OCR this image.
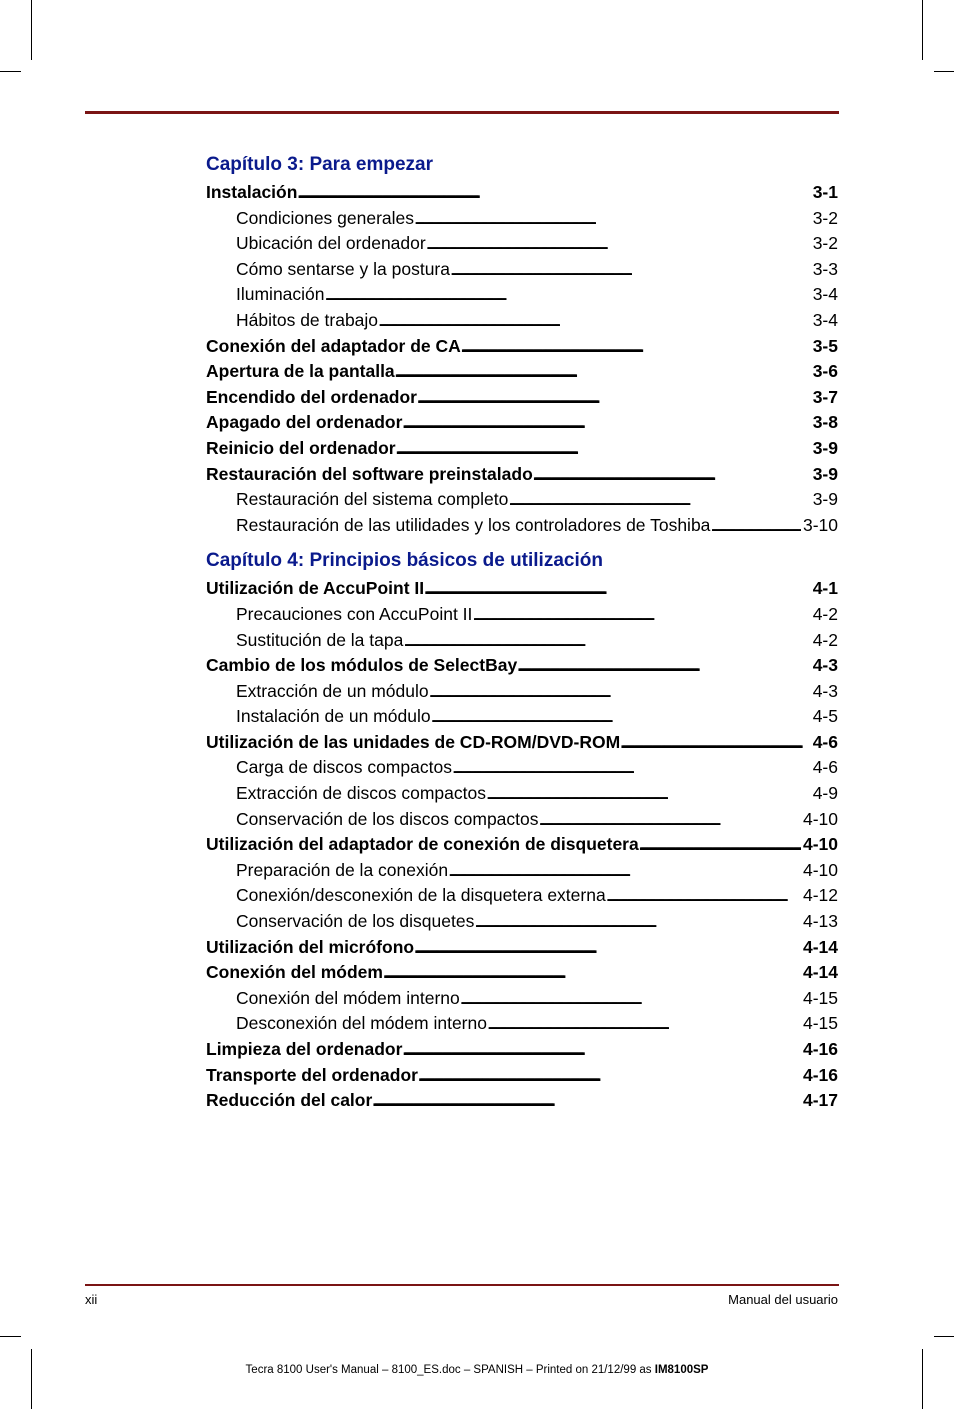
Capítulo 3: Para empezar
Instalación . . .	3-1
Condiciones generales . . .	3-2
Ubicación del ordenador . . .	3-2
Cómo sentarse y la postura . . .	3-3
Iluminación . . .	3-4
Hábitos de trabajo . . .	3-4
Conexión del adaptador de CA . . .	3-5
Apertura de la pantalla . . .	3-6
Encendido del ordenador . . .	3-7
Apagado del ordenador . . .	3-8
Reinicio del ordenador . . .	3-9
Restauración del software preinstalado . . .	3-9
Restauración del sistema completo . . .	3-9
Restauración de las utilidades y los controladores de Toshiba . . .	3-10
Capítulo 4: Principios básicos de utilización
Utilización de AccuPoint II . . .	4-1
Precauciones con AccuPoint II . . .	4-2
Sustitución de la tapa . . .	4-2
Cambio de los módulos de SelectBay . . .	4-3
Extracción de un módulo . . .	4-3
Instalación de un módulo . . .	4-5
Utilización de las unidades de CD-ROM/DVD-ROM . . .	4-6
Carga de discos compactos . . .	4-6
Extracción de discos compactos . . .	4-9
Conservación de los discos compactos . . .	4-10
Utilización del adaptador de conexión de disquetera . . .	4-10
Preparación de la conexión . . .	4-10
Conexión/desconexión de la disquetera externa . . .	4-12
Conservación de los disquetes . . .	4-13
Utilización del micrófono . . .	4-14
Conexión del módem . . .	4-14
Conexión del módem interno . . .	4-15
Desconexión del módem interno . . .	4-15
Limpieza del ordenador . . .	4-16
Transporte del ordenador . . .	4-16
Reducción del calor . . .	4-17
xii	Manual del usuario
Tecra 8100 User's Manual – 8100_ES.doc – SPANISH – Printed on 21/12/99 as IM8100SP
